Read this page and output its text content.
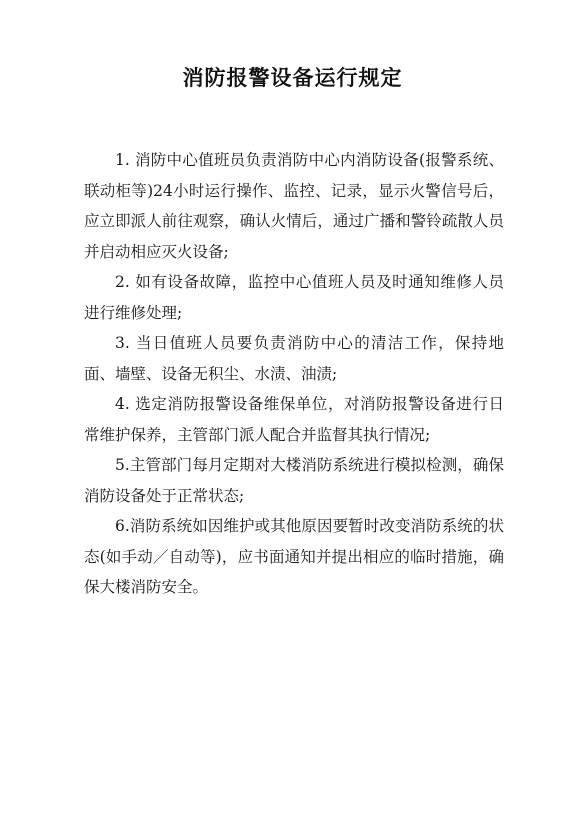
消防报警设备运行规定

1. 消防中心值班员负责消防中心内消防设备(报警系统、联动柜等)24小时运行操作、监控、记录，显示火警信号后，应立即派人前往观察，确认火情后，通过广播和警铃疏散人员并启动相应灭火设备;

2. 如有设备故障，监控中心值班人员及时通知维修人员进行维修处理;

3. 当日值班人员要负责消防中心的清洁工作，保持地面、墙壁、设备无积尘、水渍、油渍;

4. 选定消防报警设备维保单位，对消防报警设备进行日常维护保养，主管部门派人配合并监督其执行情况;

5.主管部门每月定期对大楼消防系统进行模拟检测，确保消防设备处于正常状态;

6.消防系统如因维护或其他原因要暂时改变消防系统的状态(如手动／自动等)，应书面通知并提出相应的临时措施，确保大楼消防安全。
